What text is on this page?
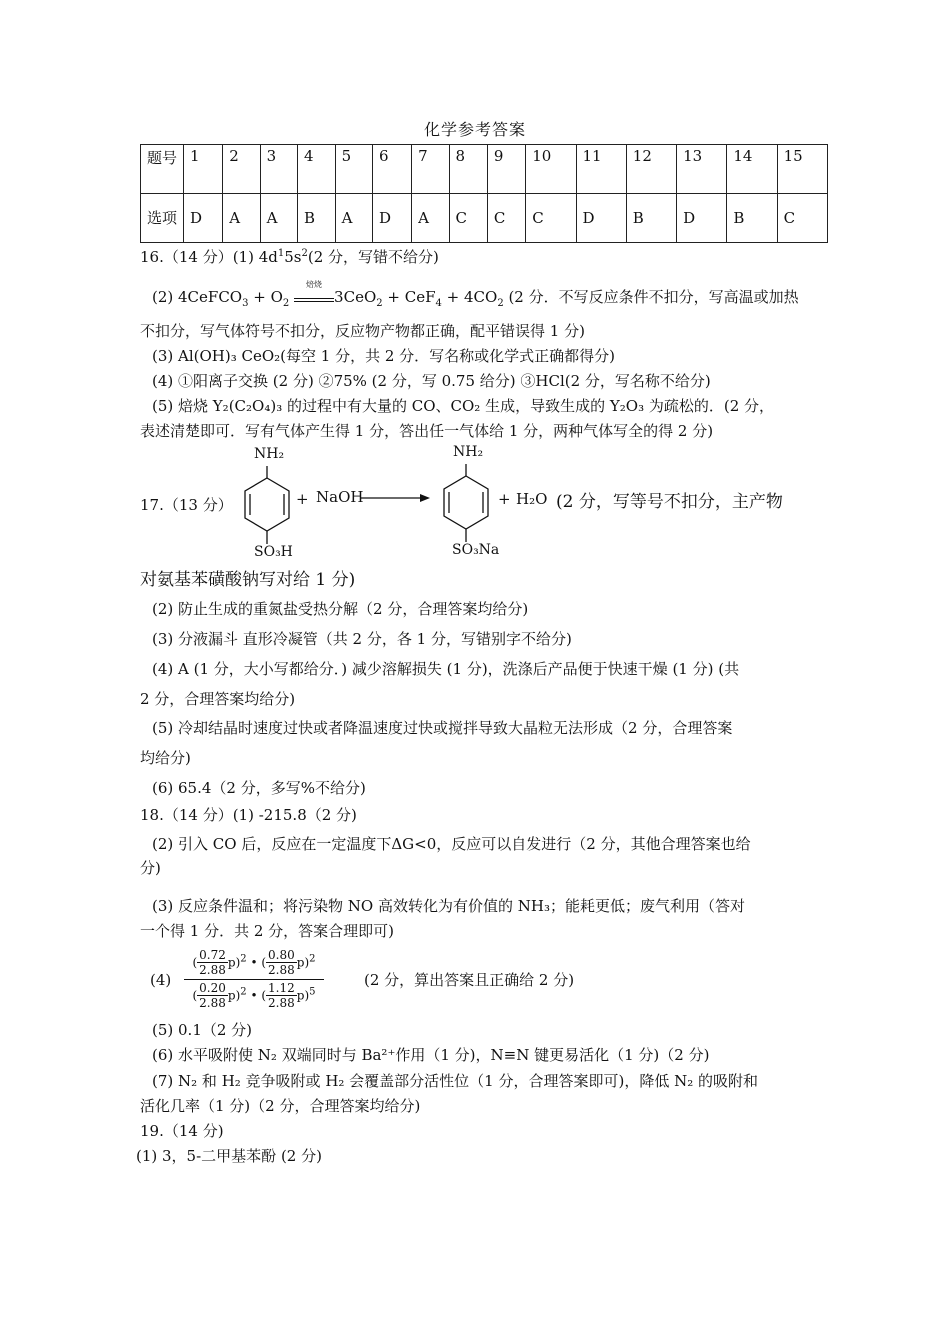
化学参考答案
题号	1	2	3	4	5	6	7	8	9	10	11	12	13	14	15
选项	D	A	A	B	A	D	A	C	C	C	D	B	D	B	C
16.（14 分）(1) $4d^15s^2(2$ 分，写错不给分)
(2) 4CeFCO$_3$ + $O_2$
焙烧
$3CeO_2 + CeF_4 + 4CO_2$ (2 分．不写反应条件不扣分，写高温或加热
不扣分，写气体符号不扣分，反应物产物都正确，配平错误得 1 分)
(3) Al(OH)₃ CeO₂(每空 1 分，共 2 分．写名称或化学式正确都得分)
(4) ①阳离子交换 (2 分) ②75% (2 分，写 0.75 给分) ③HCl(2 分，写名称不给分)
(5) 焙烧 Y₂(C₂O₄)₃ 的过程中有大量的 CO、CO₂ 生成，导致生成的 Y₂O₃ 为疏松的．(2 分，
表述清楚即可．写有气体产生得 1 分，答出任一气体给 1 分，两种气体写全的得 2 分)
17.（13 分）
NH₂
SO₃H
+ NaOH
NH₂
SO₃Na
+ H₂O (2 分，写等号不扣分，主产物
对氨基苯磺酸钠写对给 1 分)
(2) 防止生成的重氮盐受热分解（2 分，合理答案均给分)
(3) 分液漏斗 直形冷凝管（共 2 分，各 1 分，写错别字不给分)
(4) A (1 分，大小写都给分．) 减少溶解损失 (1 分)，洗涤后产品便于快速干燥 (1 分) (共
2 分，合理答案均给分)
(5) 冷却结晶时速度过快或者降温速度过快或搅拌导致大晶粒无法形成（2 分，合理答案
均给分)
(6) 65.4（2 分，多写%不给分)
18.（14 分）(1) -215.8（2 分)
(2) 引入 CO 后，反应在一定温度下ΔG<0，反应可以自发进行（2 分，其他合理答案也给
分)
(3) 反应条件温和；将污染物 NO 高效转化为有价值的 NH₃；能耗更低；废气利用（答对
一个得 1 分．共 2 分，答案合理即可)
$(4) \frac{( \frac{0.72}{2.88} p)^2 • ( \frac{0.80}{2.88} p)^2}{( \frac{0.20}{2.88} p)^2 • ( \frac{1.12}{2.88} p)^5}$	(2 分，算出答案且正确给 2 分)
(5) 0.1（2 分)
(6) 水平吸附使 N₂ 双端同时与 Ba²⁺作用（1 分)，N≡N 键更易活化（1 分)（2 分)
(7) N₂ 和 H₂ 竞争吸附或 H₂ 会覆盖部分活性位（1 分，合理答案即可)，降低 N₂ 的吸附和
活化几率（1 分)（2 分，合理答案均给分)
19.（14 分)
(1) 3，5-二甲基苯酚 (2 分)
